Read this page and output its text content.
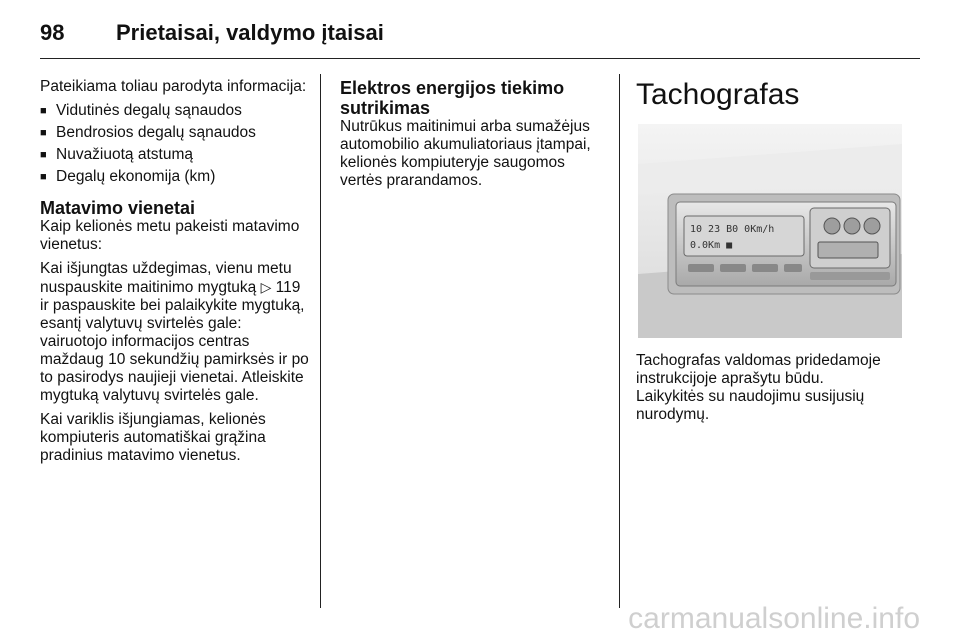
98	Prietaisai, valdymo įtaisai

Pateikiama toliau parodyta informacija:

■ Vidutinės degalų sąnaudos
■ Bendrosios degalų sąnaudos
■ Nuvažiuotą atstumą
■ Degalų ekonomija (km)
Matavimo vienetai

Kaip kelionės metu pakeisti matavimo vienetus:

Kai išjungtas uždegimas, vienu metu nuspauskite maitinimo mygtuką ▷ 119 ir paspauskite bei palaikykite mygtuką, esantį valytuvų svirtelės gale: vairuotojo informacijos centras maždaug 10 sekundžių pamirksės ir po to pasirodys naujieji vienetai. Atleiskite mygtuką valytuvų svirtelės gale.

Kai variklis išjungiamas, kelionės kompiuteris automatiškai grąžina pradinius matavimo vienetus.

Elektros energijos tiekimo sutrikimas

Nutrūkus maitinimui arba sumažėjus automobilio akumuliatoriaus įtampai, kelionės kompiuteryje saugomos vertės prarandamos.

Tachografas
10 23 B0 0Km/h
0.0Km ■

Tachografas valdomas pridedamoje instrukcijoje aprašytu būdu.

Laikykitės su naudojimu susijusių nurodymų.

carmanualsonline.info
